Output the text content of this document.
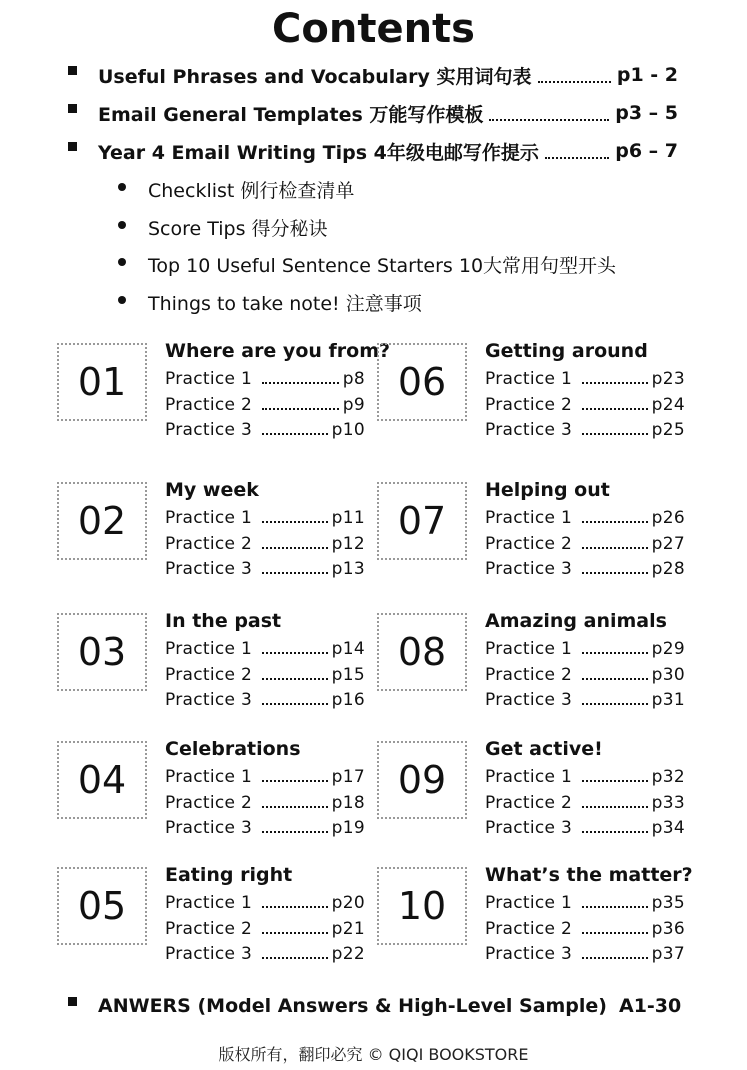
Contents
Useful Phrases and Vocabulary 实用词句表	p1 - 2
Email General Templates 万能写作模板	p3 – 5
Year 4 Email Writing Tips 4年级电邮写作提示	p6 – 7
Checklist 例行检查清单
Score Tips 得分秘诀
Top 10 Useful Sentence Starters 10大常用句型开头
Things to take note! 注意事项
01
Where are you from?
Practice 1	p8
Practice 2	p9
Practice 3	p10
06
Getting around
Practice 1	p23
Practice 2	p24
Practice 3	p25
02
My week
Practice 1	p11
Practice 2	p12
Practice 3	p13
07
Helping out
Practice 1	p26
Practice 2	p27
Practice 3	p28
03
In the past
Practice 1	p14
Practice 2	p15
Practice 3	p16
08
Amazing animals
Practice 1	p29
Practice 2	p30
Practice 3	p31
04
Celebrations
Practice 1	p17
Practice 2	p18
Practice 3	p19
09
Get active!
Practice 1	p32
Practice 2	p33
Practice 3	p34
05
Eating right
Practice 1	p20
Practice 2	p21
Practice 3	p22
10
What’s the matter?
Practice 1	p35
Practice 2	p36
Practice 3	p37
ANWERS (Model Answers & High-Level Sample) A1-30
版权所有，翻印必究 © QIQI BOOKSTORE
